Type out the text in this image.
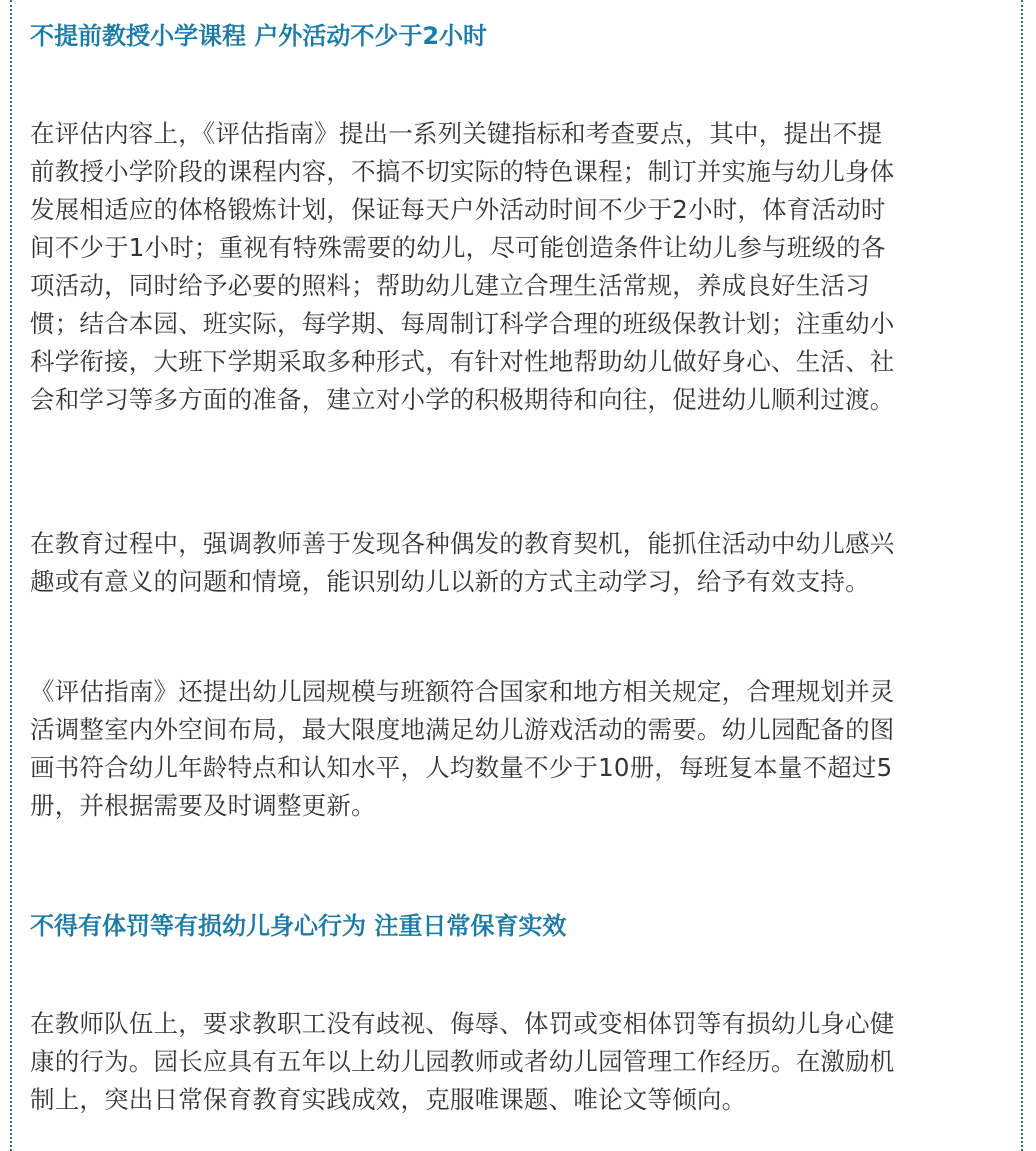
不提前教授小学课程 户外活动不少于2小时
在评估内容上，《评估指南》提出一系列关键指标和考查要点，其中，提出不提
前教授小学阶段的课程内容，不搞不切实际的特色课程；制订并实施与幼儿身体
发展相适应的体格锻炼计划，保证每天户外活动时间不少于2小时，体育活动时
间不少于1小时；重视有特殊需要的幼儿，尽可能创造条件让幼儿参与班级的各
项活动，同时给予必要的照料；帮助幼儿建立合理生活常规，养成良好生活习
惯；结合本园、班实际，每学期、每周制订科学合理的班级保教计划；注重幼小
科学衔接，大班下学期采取多种形式，有针对性地帮助幼儿做好身心、生活、社
会和学习等多方面的准备，建立对小学的积极期待和向往，促进幼儿顺利过渡。
在教育过程中，强调教师善于发现各种偶发的教育契机，能抓住活动中幼儿感兴
趣或有意义的问题和情境，能识别幼儿以新的方式主动学习，给予有效支持。
《评估指南》还提出幼儿园规模与班额符合国家和地方相关规定，合理规划并灵
活调整室内外空间布局，最大限度地满足幼儿游戏活动的需要。幼儿园配备的图
画书符合幼儿年龄特点和认知水平，人均数量不少于10册，每班复本量不超过5
册，并根据需要及时调整更新。
不得有体罚等有损幼儿身心行为 注重日常保育实效
在教师队伍上，要求教职工没有歧视、侮辱、体罚或变相体罚等有损幼儿身心健
康的行为。园长应具有五年以上幼儿园教师或者幼儿园管理工作经历。在激励机
制上，突出日常保育教育实践成效，克服唯课题、唯论文等倾向。
